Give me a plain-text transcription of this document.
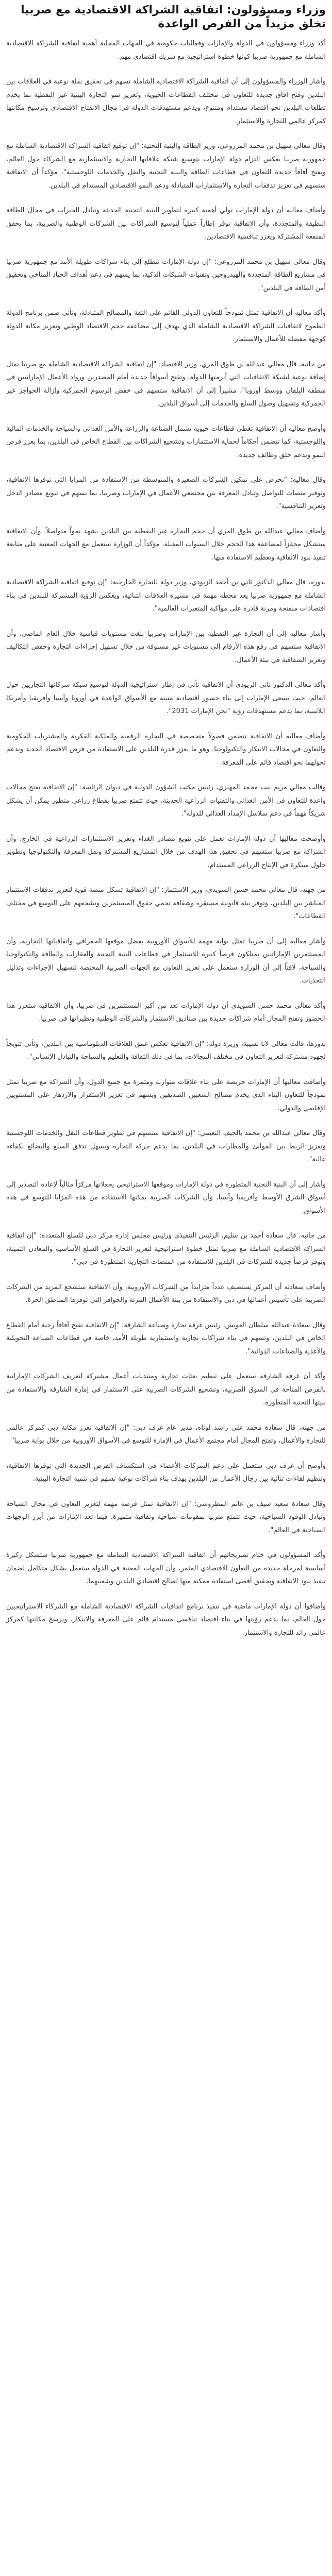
وزراء ومسؤولون: اتفاقية الشراكة الاقتصادية مع صربيا تخلق مزيداً من الفرص الواعدة

أكد وزراء ومسؤولون في الدولة والإمارات وفعاليات حكومية في الجهات المحلية أهمية اتفاقية الشراكة الاقتصادية الشاملة مع جمهورية صربيا كونها خطوة استراتيجية مع شريك اقتصادي مهم.

وأشار الوزراء والمسؤولون إلى أن اتفاقية الشراكة الاقتصادية الشاملة تسهم في تحقيق نقلة نوعية في العلاقات بين البلدين وفتح آفاق جديدة للتعاون في مختلف القطاعات الحيوية، وتعزيز نمو التجارة البينية غير النفطية بما يخدم تطلعات البلدين نحو اقتصاد مستدام ومتنوع، ويدعم مستهدفات الدولة في مجال الانفتاح الاقتصادي وترسيخ مكانتها كمركز عالمي للتجارة والاستثمار.

وقال معالي سهيل بن محمد المزروعي، وزير الطاقة والبنية التحتية: "إن توقيع اتفاقية الشراكة الاقتصادية الشاملة مع جمهورية صربيا يعكس التزام دولة الإمارات بتوسيع شبكة علاقاتها التجارية والاستثمارية مع الشركاء حول العالم، ويفتح آفاقاً جديدة للتعاون في قطاعات الطاقة والبنية التحتية والنقل والخدمات اللوجستية"، مؤكداً أن الاتفاقية ستسهم في تعزيز تدفقات التجارة والاستثمارات المتبادلة ودعم النمو الاقتصادي المستدام في البلدين.

وأضاف معاليه أن دولة الإمارات تولي أهمية كبيرة لتطوير البنية التحتية الحديثة وتبادل الخبرات في مجال الطاقة النظيفة والمتجددة، وأن الاتفاقية توفر إطاراً عملياً لتوسيع الشراكات بين الشركات الوطنية والصربية، بما يحقق المنفعة المشتركة ويعزز تنافسية الاقتصادين.

وقال معالي سهيل بن محمد المزروعي: "إن دولة الإمارات تتطلع إلى بناء شراكات طويلة الأمد مع جمهورية صربيا في مشاريع الطاقة المتجددة والهيدروجين وتقنيات الشبكات الذكية، بما يسهم في دعم أهداف الحياد المناخي وتحقيق أمن الطاقة في البلدين".

وأكد معاليه أن الاتفاقية تمثل نموذجاً للتعاون الدولي القائم على الثقة والمصالح المتبادلة، وتأتي ضمن برنامج الدولة الطموح لاتفاقيات الشراكة الاقتصادية الشاملة الذي يهدف إلى مضاعفة حجم الاقتصاد الوطني وتعزيز مكانة الدولة كوجهة مفضلة للأعمال والاستثمار.

من جانبه، قال معالي عبدالله بن طوق المري، وزير الاقتصاد: "إن اتفاقية الشراكة الاقتصادية الشاملة مع صربيا تمثل إضافة نوعية لشبكة الاتفاقيات التي أبرمتها الدولة، وتفتح أسواقاً جديدة أمام المصدرين ورواد الأعمال الإماراتيين في منطقة البلقان ووسط أوروبا"، مشيراً إلى أن الاتفاقية ستسهم في خفض الرسوم الجمركية وإزالة الحواجز غير الجمركية وتسهيل وصول السلع والخدمات إلى أسواق البلدين.

وأوضح معاليه أن الاتفاقية تغطي قطاعات حيوية تشمل الصناعة والزراعة والأمن الغذائي والسياحة والخدمات المالية واللوجستية، كما تتضمن أحكاماً لحماية الاستثمارات وتشجيع الشراكات بين القطاع الخاص في البلدين، بما يعزز فرص النمو ويدعم خلق وظائف جديدة.

وقال معاليه: "نحرص على تمكين الشركات الصغيرة والمتوسطة من الاستفادة من المزايا التي توفرها الاتفاقية، وتوفير منصات للتواصل وتبادل المعرفة بين مجتمعي الأعمال في الإمارات وصربيا، بما يسهم في تنويع مصادر الدخل وتعزيز التنافسية".

وأضاف معالي عبدالله بن طوق المري أن حجم التجارة غير النفطية بين البلدين يشهد نمواً متواصلاً، وأن الاتفاقية ستشكل محفزاً لمضاعفة هذا الحجم خلال السنوات المقبلة، مؤكداً أن الوزارة ستعمل مع الجهات المعنية على متابعة تنفيذ بنود الاتفاقية وتعظيم الاستفادة منها.

بدوره، قال معالي الدكتور ثاني بن أحمد الزيودي، وزير دولة للتجارة الخارجية: "إن توقيع اتفاقية الشراكة الاقتصادية الشاملة مع جمهورية صربيا يعد محطة مهمة في مسيرة العلاقات الثنائية، ويعكس الرؤية المشتركة للبلدين في بناء اقتصادات منفتحة ومرنة قادرة على مواكبة المتغيرات العالمية".

وأشار معاليه إلى أن التجارة غير النفطية بين الإمارات وصربيا بلغت مستويات قياسية خلال العام الماضي، وأن الاتفاقية ستسهم في رفع هذه الأرقام إلى مستويات غير مسبوقة من خلال تسهيل إجراءات التجارة وخفض التكاليف وتعزيز الشفافية في بيئة الأعمال.

وأكد معالي الدكتور ثاني الزيودي أن الاتفاقية تأتي في إطار استراتيجية الدولة لتوسيع شبكة شركائها التجاريين حول العالم، حيث تسعى الإمارات إلى بناء جسور اقتصادية متينة مع الأسواق الواعدة في أوروبا وآسيا وأفريقيا وأمريكا اللاتينية، بما يدعم مستهدفات رؤية "نحن الإمارات 2031".

وأضاف معاليه أن الاتفاقية تتضمن فصولاً متخصصة في التجارة الرقمية والملكية الفكرية والمشتريات الحكومية والتعاون في مجالات الابتكار والتكنولوجيا، وهو ما يعزز قدرة البلدين على الاستفادة من فرص الاقتصاد الجديد ويدعم تحولهما نحو اقتصاد قائم على المعرفة.

وقالت معالي مريم بنت محمد المهيري، رئيس مكتب الشؤون الدولية في ديوان الرئاسة: "إن الاتفاقية تفتح مجالات واعدة للتعاون في الأمن الغذائي والتقنيات الزراعية الحديثة، حيث تتمتع صربيا بقطاع زراعي متطور يمكن أن يشكل شريكاً مهماً في دعم سلاسل الإمداد الغذائي للدولة".

وأوضحت معاليها أن دولة الإمارات تعمل على تنويع مصادر الغذاء وتعزيز الاستثمارات الزراعية في الخارج، وأن الشراكة مع صربيا ستسهم في تحقيق هذا الهدف من خلال المشاريع المشتركة ونقل المعرفة والتكنولوجيا وتطوير حلول مبتكرة في الإنتاج الزراعي المستدام.

من جهته، قال معالي محمد حسن السويدي، وزير الاستثمار: "إن الاتفاقية تشكل منصة قوية لتعزيز تدفقات الاستثمار المباشر بين البلدين، وتوفر بيئة قانونية مستقرة وشفافة تحمي حقوق المستثمرين وتشجعهم على التوسع في مختلف القطاعات".

وأشار معاليه إلى أن صربيا تمثل بوابة مهمة للأسواق الأوروبية بفضل موقعها الجغرافي واتفاقياتها التجارية، وأن المستثمرين الإماراتيين يمتلكون فرصاً كبيرة للاستثمار في قطاعات البنية التحتية والعقارات والطاقة والتكنولوجيا والسياحة، لافتاً إلى أن الوزارة ستعمل على تعزيز التعاون مع الجهات الصربية المختصة لتسهيل الإجراءات وتذليل التحديات.

وأكد معالي محمد حسن السويدي أن دولة الإمارات تعد من أكبر المستثمرين في صربيا، وأن الاتفاقية ستعزز هذا الحضور وتفتح المجال أمام شراكات جديدة بين صناديق الاستثمار والشركات الوطنية ونظيراتها في صربيا.

بدورها، قالت معالي لانا نسيبة، وزيرة دولة: "إن الاتفاقية تعكس عمق العلاقات الدبلوماسية بين البلدين، وتأتي تتويجاً لجهود مشتركة لتعزيز التعاون في مختلف المجالات، بما في ذلك الثقافة والتعليم والسياحة والتبادل الإنساني".

وأضافت معاليها أن الإمارات حريصة على بناء علاقات متوازنة ومثمرة مع جميع الدول، وأن الشراكة مع صربيا تمثل نموذجاً للتعاون البناء الذي يخدم مصالح الشعبين الصديقين ويسهم في تعزيز الاستقرار والازدهار على المستويين الإقليمي والدولي.

وقال معالي عبدالله بن محمد بالحيف النعيمي: "إن الاتفاقية ستسهم في تطوير قطاعات النقل والخدمات اللوجستية وتعزيز الربط بين الموانئ والمطارات في البلدين، بما يدعم حركة التجارة ويسهل تدفق السلع والبضائع بكفاءة عالية".

وأشار إلى أن البنية التحتية المتطورة في دولة الإمارات وموقعها الاستراتيجي يجعلانها مركزاً مثالياً لإعادة التصدير إلى أسواق الشرق الأوسط وأفريقيا وآسيا، وأن الشركات الصربية يمكنها الاستفادة من هذه المزايا للتوسع في هذه الأسواق.

من جانبه، قال سعادة أحمد بن سليم، الرئيس التنفيذي ورئيس مجلس إدارة مركز دبي للسلع المتعددة: "إن اتفاقية الشراكة الاقتصادية الشاملة مع صربيا تمثل خطوة استراتيجية لتعزيز التجارة في السلع الأساسية والمعادن الثمينة، وتوفر فرصاً جديدة للشركات في البلدين للاستفادة من المنصات التجارية المتطورة في دبي".

وأضاف سعادته أن المركز يستضيف عدداً متزايداً من الشركات الأوروبية، وأن الاتفاقية ستشجع المزيد من الشركات الصربية على تأسيس أعمالها في دبي والاستفادة من بيئة الأعمال المرنة والحوافز التي توفرها المناطق الحرة.

وقال سعادة عبدالله سلطان العويس، رئيس غرفة تجارة وصناعة الشارقة: "إن الاتفاقية تفتح آفاقاً رحبة أمام القطاع الخاص في البلدين، وتسهم في بناء شراكات تجارية واستثمارية طويلة الأمد، خاصة في قطاعات الصناعة التحويلية والأغذية والصناعات الدوائية".

وأكد أن غرفة الشارقة ستعمل على تنظيم بعثات تجارية ومنتديات أعمال مشتركة لتعريف الشركات الإماراتية بالفرص المتاحة في السوق الصربية، وتشجيع الشركات الصربية على الاستثمار في إمارة الشارقة والاستفادة من بنيتها التحتية المتطورة.

من جهته، قال سعادة محمد علي راشد لوتاه، مدير عام غرف دبي: "إن الاتفاقية تعزز مكانة دبي كمركز عالمي للتجارة والأعمال، وتفتح المجال أمام مجتمع الأعمال في الإمارة للتوسع في الأسواق الأوروبية من خلال بوابة صربيا".

وأوضح أن غرف دبي ستعمل على دعم الشركات الأعضاء في استكشاف الفرص الجديدة التي توفرها الاتفاقية، وتنظيم لقاءات ثنائية بين رجال الأعمال من البلدين بهدف بناء شراكات نوعية تسهم في تنمية التجارة البينية.

وقال سعادة سعيد سيف بن غانم المطروشي: "إن الاتفاقية تمثل فرصة مهمة لتعزيز التعاون في مجال السياحة وتبادل الوفود السياحية، حيث تتمتع صربيا بمقومات سياحية وثقافية متميزة، فيما تعد الإمارات من أبرز الوجهات السياحية في العالم".

وأكد المسؤولون في ختام تصريحاتهم أن اتفاقية الشراكة الاقتصادية الشاملة مع جمهورية صربيا ستشكل ركيزة أساسية لمرحلة جديدة من التعاون الاقتصادي المثمر، وأن الجهات المعنية في الدولة ستعمل بشكل متكامل لضمان تنفيذ بنود الاتفاقية وتحقيق أقصى استفادة ممكنة منها لصالح اقتصادي البلدين وشعبيهما.

وأضافوا أن دولة الإمارات ماضية في تنفيذ برنامج اتفاقيات الشراكة الاقتصادية الشاملة مع الشركاء الاستراتيجيين حول العالم، بما يدعم رؤيتها في بناء اقتصاد تنافسي مستدام قائم على المعرفة والابتكار، ويرسخ مكانتها كمركز عالمي رائد للتجارة والاستثمار.
